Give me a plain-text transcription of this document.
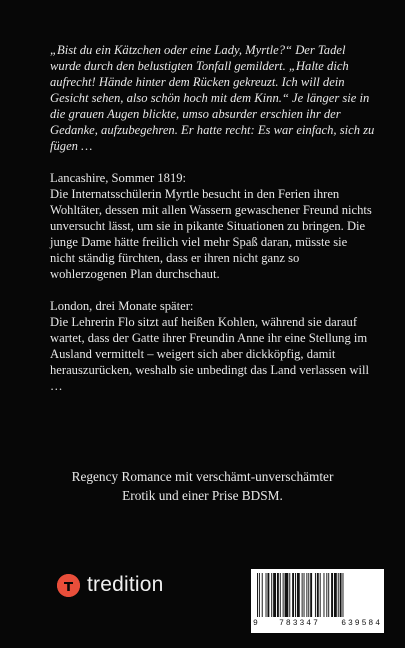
„Bist du ein Kätzchen oder eine Lady, Myrtle?“ Der Tadel wurde durch den belustigten Tonfall gemildert. „Halte dich aufrecht! Hände hinter dem Rücken gekreuzt. Ich will dein Gesicht sehen, also schön hoch mit dem Kinn.“ Je länger sie in die grauen Augen blickte, umso absurder erschien ihr der Gedanke, aufzubegehren. Er hatte recht: Es war einfach, sich zu fügen …

Lancashire, Sommer 1819:
Die Internatsschülerin Myrtle besucht in den Ferien ihren Wohltäter, dessen mit allen Wassern gewaschener Freund nichts unversucht lässt, um sie in pikante Situationen zu bringen. Die junge Dame hätte freilich viel mehr Spaß daran, müsste sie nicht ständig fürchten, dass er ihren nicht ganz so wohlerzogenen Plan durchschaut.

London, drei Monate später:
Die Lehrerin Flo sitzt auf heißen Kohlen, während sie darauf wartet, dass der Gatte ihrer Freundin Anne ihr eine Stellung im Ausland vermittelt – weigert sich aber dickköpfig, damit herauszurücken, weshalb sie unbedingt das Land verlassen will …

Regency Romance mit verschämt-unverschämter
Erotik und einer Prise BDSM.
tredition
9	783347	639584
